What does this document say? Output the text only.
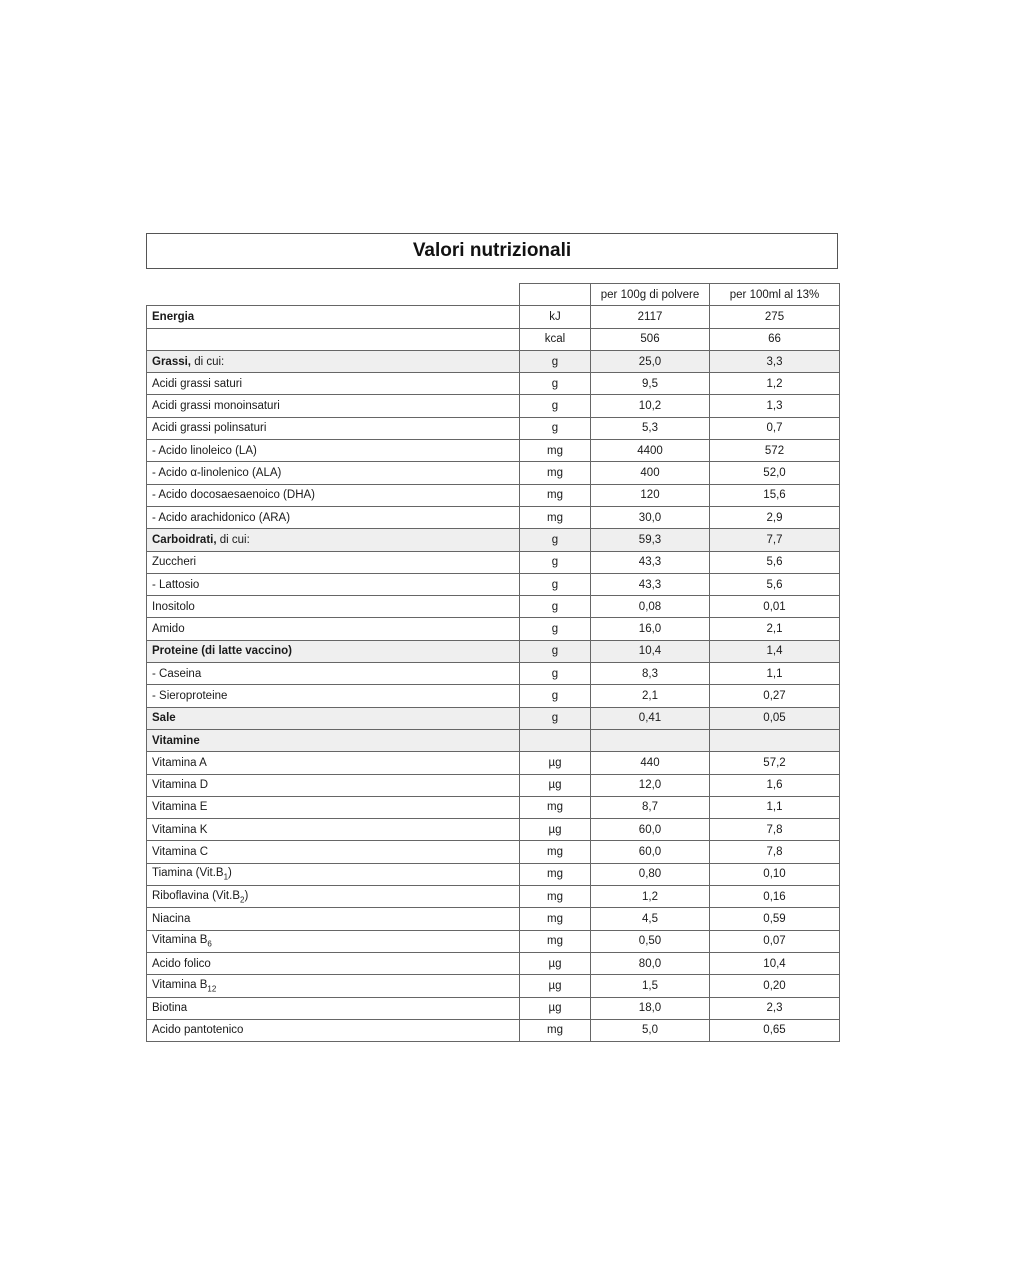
Valori nutrizionali
		per 100g di polvere	per 100ml al 13%
Energia	kJ	2117	275
	kcal	506	66
Grassi, di cui:	g	25,0	3,3
Acidi grassi saturi	g	9,5	1,2
Acidi grassi monoinsaturi	g	10,2	1,3
Acidi grassi polinsaturi	g	5,3	0,7
- Acido linoleico (LA)	mg	4400	572
- Acido α-linolenico (ALA)	mg	400	52,0
- Acido docosaesaenoico (DHA)	mg	120	15,6
- Acido arachidonico (ARA)	mg	30,0	2,9
Carboidrati, di cui:	g	59,3	7,7
Zuccheri	g	43,3	5,6
- Lattosio	g	43,3	5,6
Inositolo	g	0,08	0,01
Amido	g	16,0	2,1
Proteine (di latte vaccino)	g	10,4	1,4
- Caseina	g	8,3	1,1
- Sieroproteine	g	2,1	0,27
Sale	g	0,41	0,05
Vitamine			
Vitamina A	µg	440	57,2
Vitamina D	µg	12,0	1,6
Vitamina E	mg	8,7	1,1
Vitamina K	µg	60,0	7,8
Vitamina C	mg	60,0	7,8
Tiamina $(Vit.B_1)$	mg	0,80	0,10
Riboflavina $(Vit.B_2)$	mg	1,2	0,16
Niacina	mg	4,5	0,59
Vitamina $B_6$	mg	0,50	0,07
Acido folico	µg	80,0	10,4
Vitamina $B_{12}$	µg	1,5	0,20
Biotina	µg	18,0	2,3
Acido pantotenico	mg	5,0	0,65
